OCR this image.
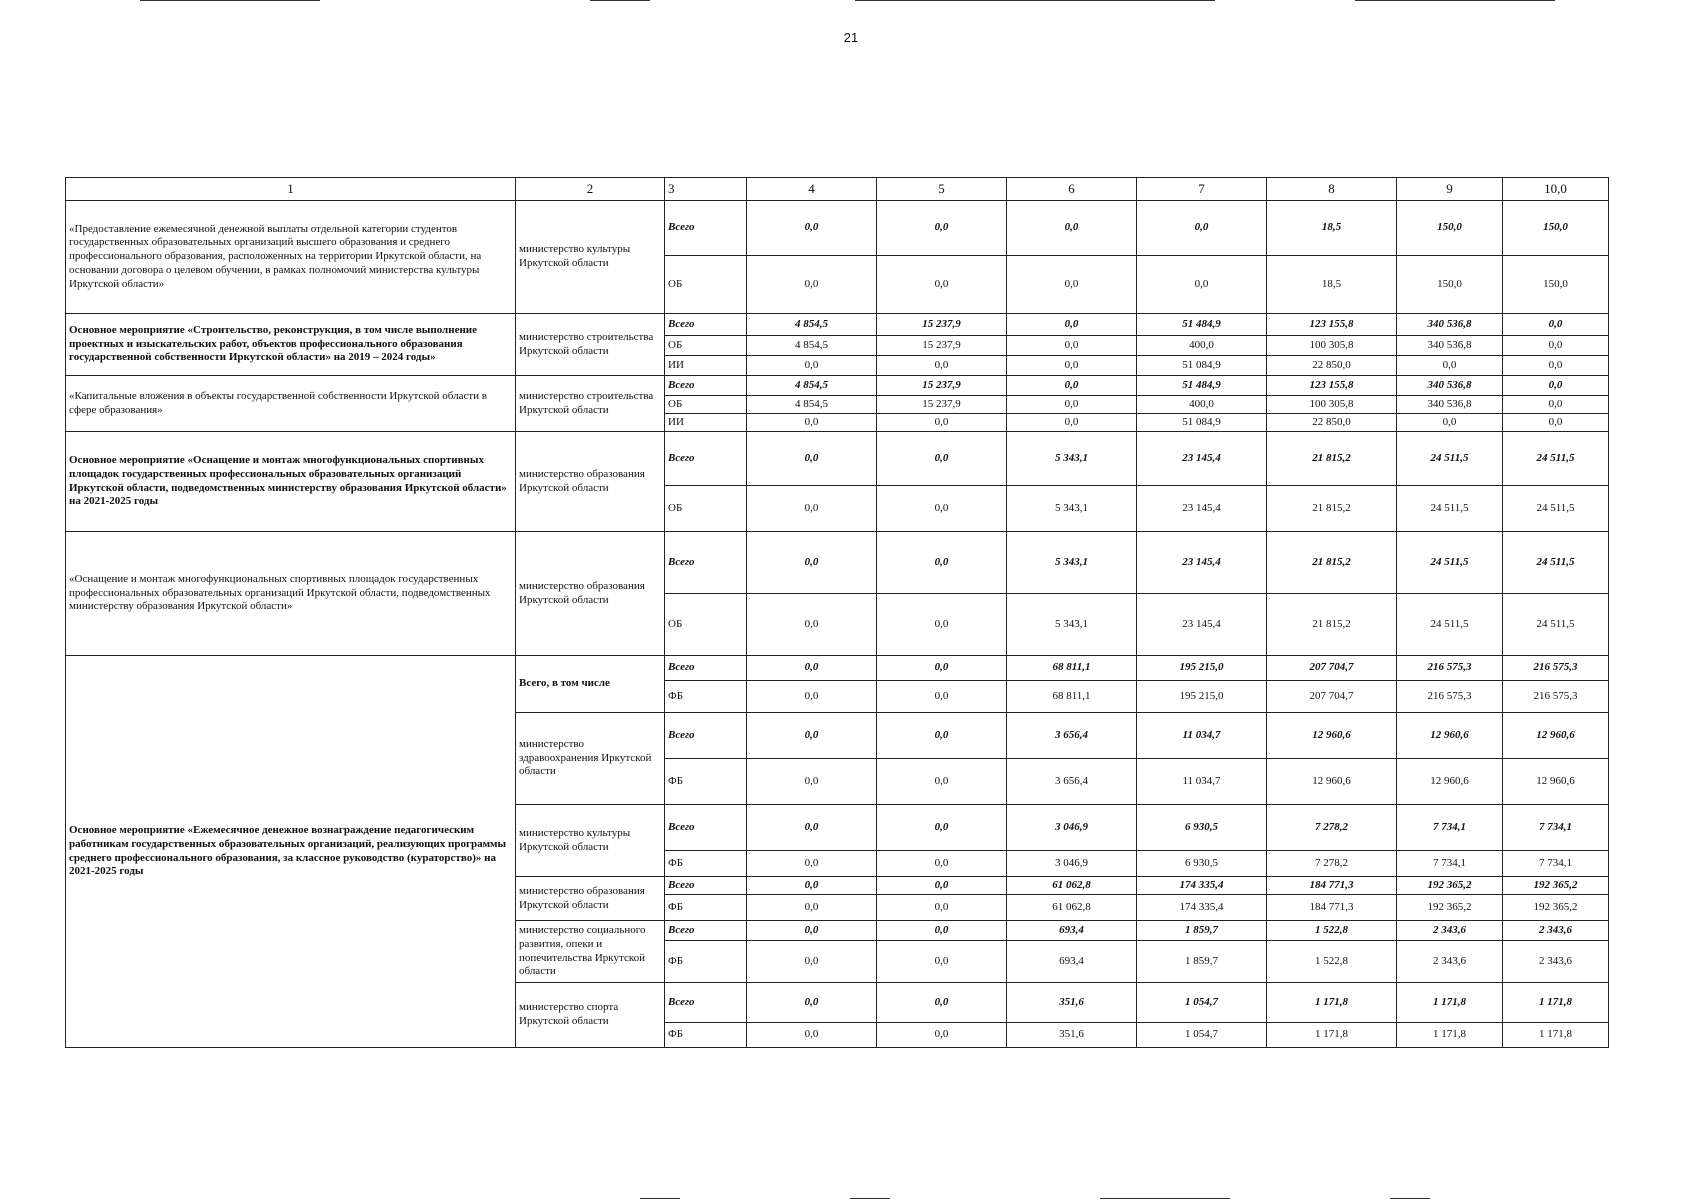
21
1	2	3	4	5	6	7	8	9	10,0
«Предоставление ежемесячной денежной выплаты отдельной категории студентов государственных образовательных организаций высшего образования и среднего профессионального образования, расположенных на территории Иркутской области, на основании договора о целевом обучении, в рамках полномочий министерства культуры Иркутской области»	министерство культуры Иркутской области	Всего	0,0	0,0	0,0	0,0	18,5	150,0	150,0
		ОБ	0,0	0,0	0,0	0,0	18,5	150,0	150,0
Основное мероприятие «Строительство, реконструкция, в том числе выполнение проектных и изыскательских работ, объектов профессионального образования государственной собственности Иркутской области» на 2019 – 2024 годы»	министерство строительства Иркутской области	Всего	4 854,5	15 237,9	0,0	51 484,9	123 155,8	340 536,8	0,0
		ОБ	4 854,5	15 237,9	0,0	400,0	100 305,8	340 536,8	0,0
		ИИ	0,0	0,0	0,0	51 084,9	22 850,0	0,0	0,0
«Капитальные вложения в объекты государственной собственности Иркутской области в сфере образования»	министерство строительства Иркутской области	Всего	4 854,5	15 237,9	0,0	51 484,9	123 155,8	340 536,8	0,0
		ОБ	4 854,5	15 237,9	0,0	400,0	100 305,8	340 536,8	0,0
		ИИ	0,0	0,0	0,0	51 084,9	22 850,0	0,0	0,0
Основное мероприятие «Оснащение и монтаж многофункциональных спортивных площадок государственных профессиональных образовательных организаций Иркутской области, подведомственных министерству образования Иркутской области» на 2021-2025 годы	министерство образования Иркутской области	Всего	0,0	0,0	5 343,1	23 145,4	21 815,2	24 511,5	24 511,5
		ОБ	0,0	0,0	5 343,1	23 145,4	21 815,2	24 511,5	24 511,5
«Оснащение и монтаж многофункциональных спортивных площадок государственных профессиональных образовательных организаций Иркутской области, подведомственных министерству образования Иркутской области»	министерство образования Иркутской области	Всего	0,0	0,0	5 343,1	23 145,4	21 815,2	24 511,5	24 511,5
		ОБ	0,0	0,0	5 343,1	23 145,4	21 815,2	24 511,5	24 511,5
Основное мероприятие «Ежемесячное денежное вознаграждение педагогическим работникам государственных образовательных организаций, реализующих программы среднего профессионального образования, за классное руководство (кураторство)» на 2021-2025 годы	Всего, в том числе	Всего	0,0	0,0	68 811,1	195 215,0	207 704,7	216 575,3	216 575,3
		ФБ	0,0	0,0	68 811,1	195 215,0	207 704,7	216 575,3	216 575,3
	министерство здравоохранения Иркутской области	Всего	0,0	0,0	3 656,4	11 034,7	12 960,6	12 960,6	12 960,6
		ФБ	0,0	0,0	3 656,4	11 034,7	12 960,6	12 960,6	12 960,6
	министерство культуры Иркутской области	Всего	0,0	0,0	3 046,9	6 930,5	7 278,2	7 734,1	7 734,1
		ФБ	0,0	0,0	3 046,9	6 930,5	7 278,2	7 734,1	7 734,1
	министерство образования Иркутской области	Всего	0,0	0,0	61 062,8	174 335,4	184 771,3	192 365,2	192 365,2
		ФБ	0,0	0,0	61 062,8	174 335,4	184 771,3	192 365,2	192 365,2
	министерство социального развития, опеки и попечительства Иркутской области	Всего	0,0	0,0	693,4	1 859,7	1 522,8	2 343,6	2 343,6
		ФБ	0,0	0,0	693,4	1 859,7	1 522,8	2 343,6	2 343,6
	министерство спорта Иркутской области	Всего	0,0	0,0	351,6	1 054,7	1 171,8	1 171,8	1 171,8
		ФБ	0,0	0,0	351,6	1 054,7	1 171,8	1 171,8	1 171,8
